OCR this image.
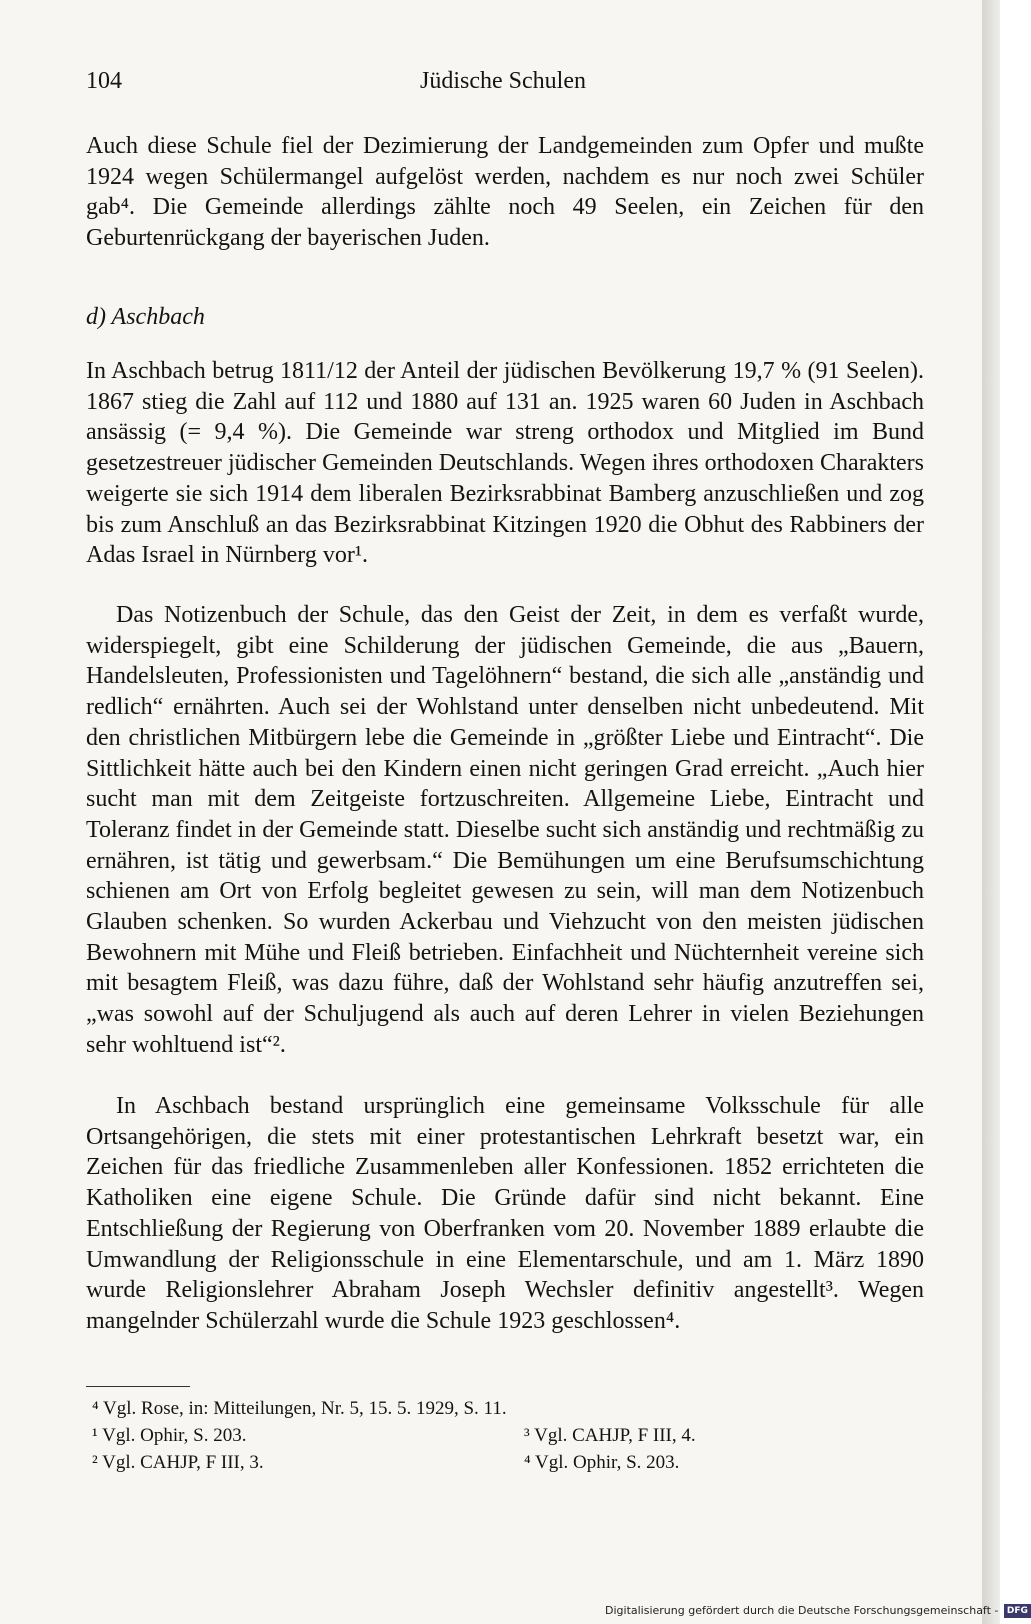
104	Jüdische Schulen

Auch diese Schule fiel der Dezimierung der Landgemeinden zum Opfer und mußte 1924 wegen Schülermangel aufgelöst werden, nachdem es nur noch zwei Schüler gab⁴. Die Gemeinde allerdings zählte noch 49 Seelen, ein Zeichen für den Geburtenrückgang der bayerischen Juden.

d) Aschbach

In Aschbach betrug 1811/12 der Anteil der jüdischen Bevölkerung 19,7 % (91 Seelen). 1867 stieg die Zahl auf 112 und 1880 auf 131 an. 1925 waren 60 Juden in Aschbach ansässig (= 9,4 %). Die Gemeinde war streng orthodox und Mitglied im Bund gesetzestreuer jüdischer Gemeinden Deutschlands. Wegen ihres orthodoxen Charakters weigerte sie sich 1914 dem liberalen Bezirksrabbinat Bamberg anzuschließen und zog bis zum Anschluß an das Bezirksrabbinat Kitzingen 1920 die Obhut des Rabbiners der Adas Israel in Nürnberg vor¹.

Das Notizenbuch der Schule, das den Geist der Zeit, in dem es verfaßt wurde, widerspiegelt, gibt eine Schilderung der jüdischen Gemeinde, die aus „Bauern, Handelsleuten, Professionisten und Tagelöhnern“ bestand, die sich alle „anständig und redlich“ ernährten. Auch sei der Wohlstand unter denselben nicht unbedeutend. Mit den christlichen Mitbürgern lebe die Gemeinde in „größter Liebe und Eintracht“. Die Sittlichkeit hätte auch bei den Kindern einen nicht geringen Grad erreicht. „Auch hier sucht man mit dem Zeitgeiste fortzuschreiten. Allgemeine Liebe, Eintracht und Toleranz findet in der Gemeinde statt. Dieselbe sucht sich anständig und rechtmäßig zu ernähren, ist tätig und gewerbsam.“ Die Bemühungen um eine Berufsumschichtung schienen am Ort von Erfolg begleitet gewesen zu sein, will man dem Notizenbuch Glauben schenken. So wurden Ackerbau und Viehzucht von den meisten jüdischen Bewohnern mit Mühe und Fleiß betrieben. Einfachheit und Nüchternheit vereine sich mit besagtem Fleiß, was dazu führe, daß der Wohlstand sehr häufig anzutreffen sei, „was sowohl auf der Schuljugend als auch auf deren Lehrer in vielen Beziehungen sehr wohltuend ist“².

In Aschbach bestand ursprünglich eine gemeinsame Volksschule für alle Ortsangehörigen, die stets mit einer protestantischen Lehrkraft besetzt war, ein Zeichen für das friedliche Zusammenleben aller Konfessionen. 1852 errichteten die Katholiken eine eigene Schule. Die Gründe dafür sind nicht bekannt. Eine Entschließung der Regierung von Oberfranken vom 20. November 1889 erlaubte die Umwandlung der Religionsschule in eine Elementarschule, und am 1. März 1890 wurde Religionslehrer Abraham Joseph Wechsler definitiv angestellt³. Wegen mangelnder Schülerzahl wurde die Schule 1923 geschlossen⁴.

⁴ Vgl. Rose, in: Mitteilungen, Nr. 5, 15. 5. 1929, S. 11.
¹ Vgl. Ophir, S. 203.
² Vgl. CAHJP, F III, 3.
³ Vgl. CAHJP, F III, 4.
⁴ Vgl. Ophir, S. 203.
Digitalisierung gefördert durch die Deutsche Forschungsgemeinschaft - DFG
